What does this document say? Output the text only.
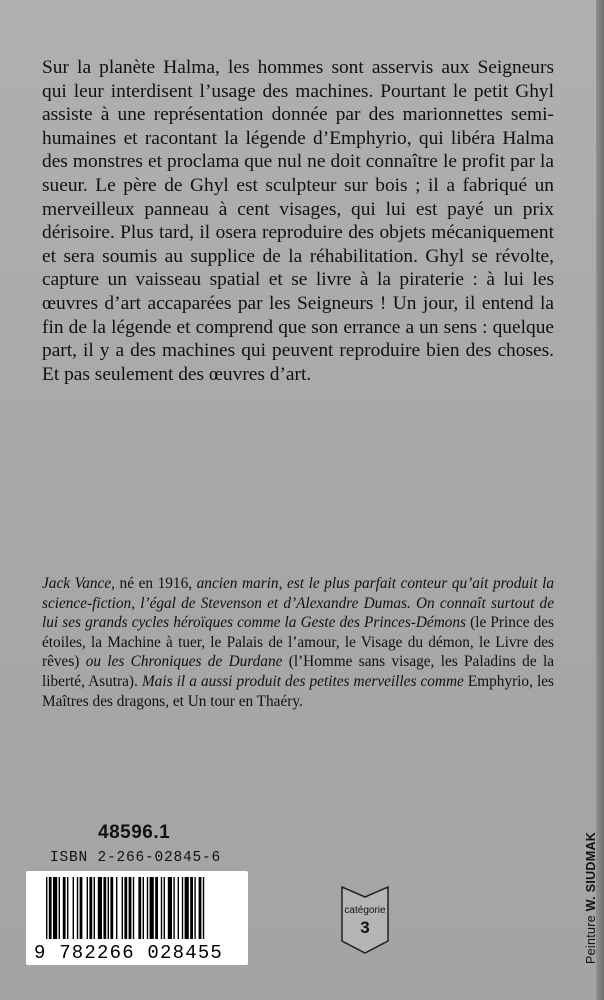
Sur la planète Halma, les hommes sont asservis aux Seigneurs qui leur interdisent l’usage des machines. Pourtant le petit Ghyl assiste à une représentation donnée par des marionnettes semi-humaines et racontant la légende d’Emphyrio, qui libéra Halma des monstres et proclama que nul ne doit connaître le profit par la sueur. Le père de Ghyl est sculpteur sur bois ; il a fabriqué un merveilleux panneau à cent visages, qui lui est payé un prix dérisoire. Plus tard, il osera reproduire des objets mécaniquement et sera soumis au supplice de la réhabilitation. Ghyl se révolte, capture un vaisseau spatial et se livre à la piraterie : à lui les œuvres d’art accaparées par les Seigneurs ! Un jour, il entend la fin de la légende et comprend que son errance a un sens : quelque part, il y a des machines qui peuvent reproduire bien des choses. Et pas seulement des œuvres d’art.

Jack Vance, né en 1916, ancien marin, est le plus parfait conteur qu’ait produit la science-fiction, l’égal de Stevenson et d’Alexandre Dumas. On connaît surtout de lui ses grands cycles héroïques comme la Geste des Princes-Démons (le Prince des étoiles, la Machine à tuer, le Palais de l’amour, le Visage du démon, le Livre des rêves) ou les Chroniques de Durdane (l’Homme sans visage, les Paladins de la liberté, Asutra). Mais il a aussi produit des petites merveilles comme Emphyrio, les Maîtres des dragons, et Un tour en Thaéry.

48596.1
ISBN 2-266-02845-6
9 782266 028455
catégorie
3	Peinture W. SIUDMAK
